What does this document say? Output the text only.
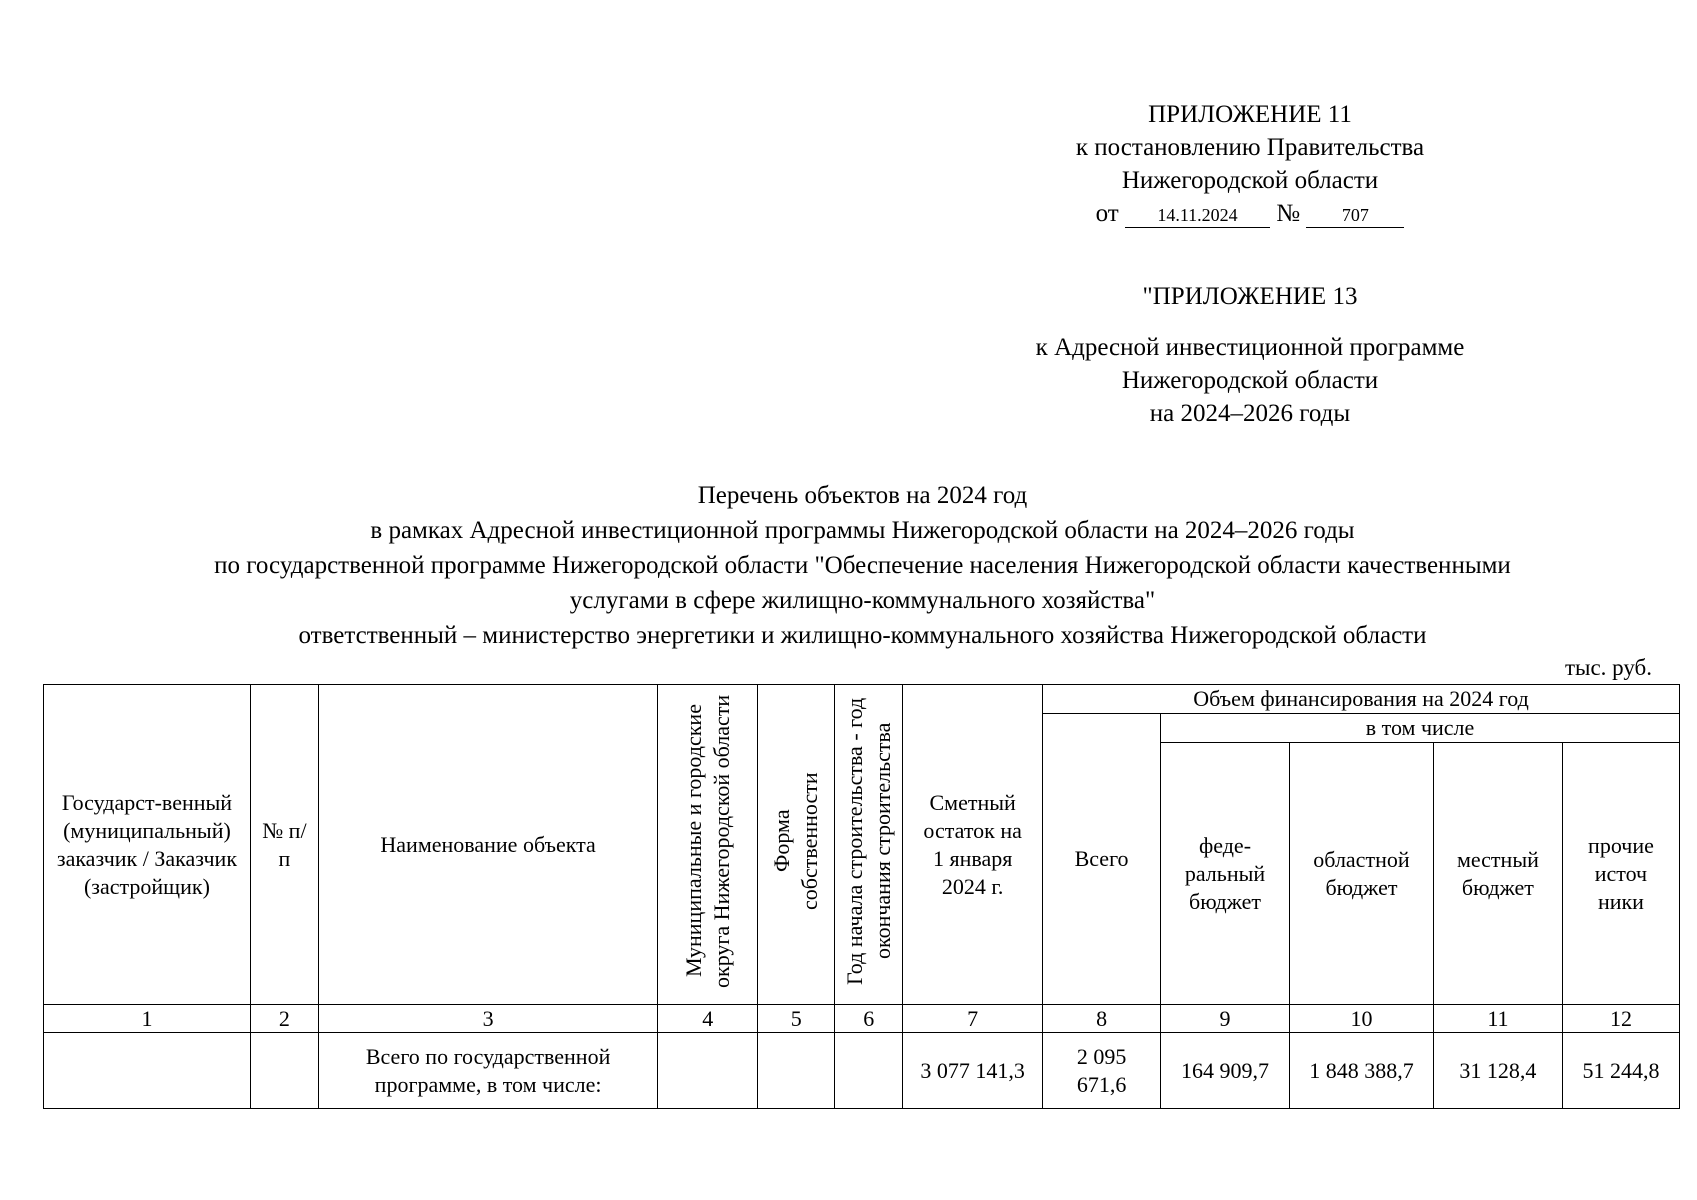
ПРИЛОЖЕНИЕ 11
к постановлению Правительства
Нижегородской области
от 14.11.2024 № 707
"ПРИЛОЖЕНИЕ 13
к Адресной инвестиционной программе
Нижегородской области
на 2024–2026 годы
Перечень объектов на 2024 год
в рамках Адресной инвестиционной программы Нижегородской области на 2024–2026 годы
по государственной программе Нижегородской области "Обеспечение населения Нижегородской области качественными
услугами в сфере жилищно-коммунального хозяйства"
ответственный – министерство энергетики и жилищно-коммунального хозяйства Нижегородской области
тыс. руб.
Государст-венный (муниципальный) заказчик / Заказчик (застройщик)	№ п/п	Наименование объекта	Муниципальные и городские округа Нижегородской области	Форма собственности	Год начала строительства - год окончания строительства	Сметный остаток на 1 января 2024 г.	Объем финансирования на 2024 год				
							Всего	в том числе			
								феде-ральный бюджет	областной бюджет	местный бюджет	прочие источ ники
1	2	3	4	5	6	7	8	9	10	11	12
		Всего по государственной программе, в том числе:				3 077 141,3	2 095 671,6	164 909,7	1 848 388,7	31 128,4	51 244,8
